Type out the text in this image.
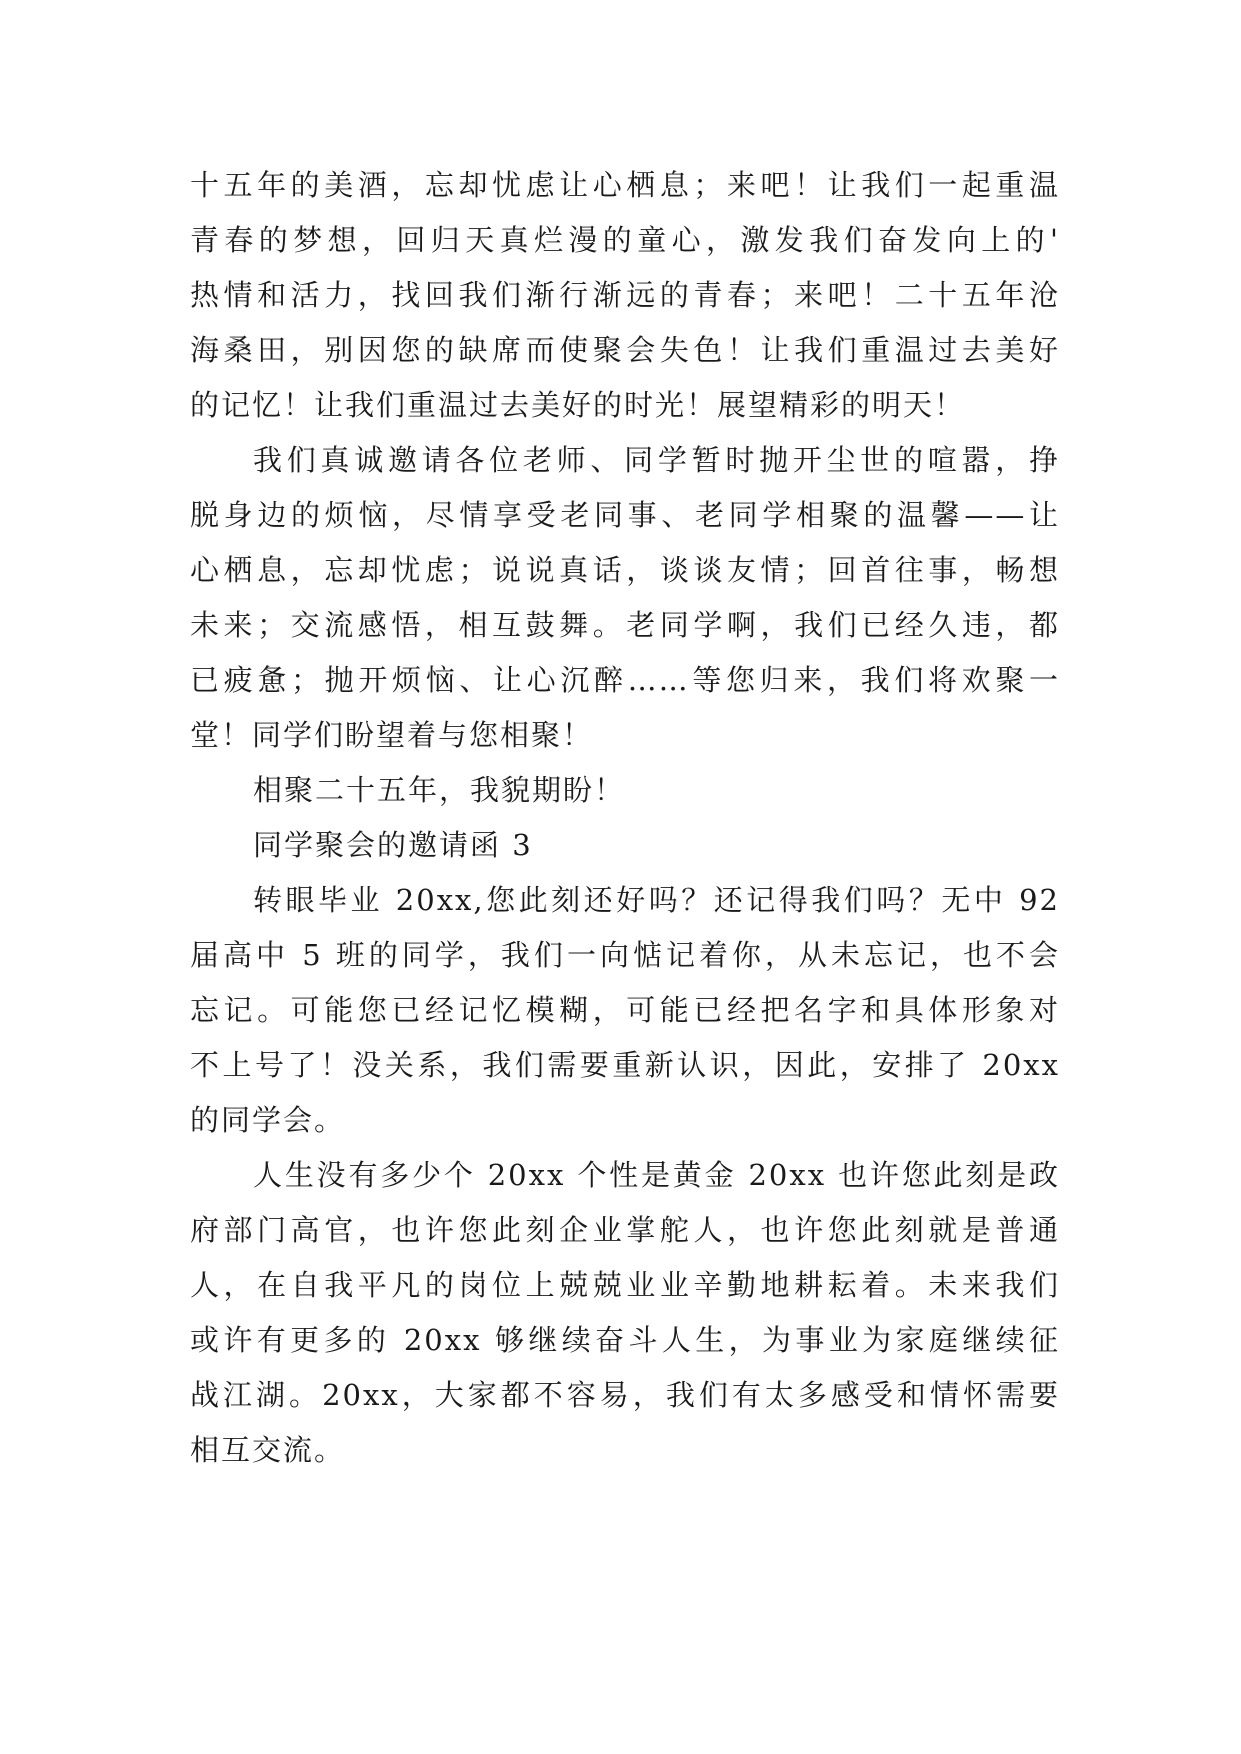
十五年的美酒，忘却忧虑让心栖息；来吧！让我们一起重温
青春的梦想，回归天真烂漫的童心，激发我们奋发向上的'
热情和活力，找回我们渐行渐远的青春；来吧！二十五年沧
海桑田，别因您的缺席而使聚会失色！让我们重温过去美好
的记忆！让我们重温过去美好的时光！展望精彩的明天！
我们真诚邀请各位老师、同学暂时抛开尘世的喧嚣，挣
脱身边的烦恼，尽情享受老同事、老同学相聚的温馨——让
心栖息，忘却忧虑；说说真话，谈谈友情；回首往事，畅想
未来；交流感悟，相互鼓舞。老同学啊，我们已经久违，都
已疲惫；抛开烦恼、让心沉醉……等您归来，我们将欢聚一
堂！同学们盼望着与您相聚！
相聚二十五年，我貌期盼！
同学聚会的邀请函 3
转眼毕业 20xx,您此刻还好吗？还记得我们吗？无中 92
届高中 5 班的同学，我们一向惦记着你，从未忘记，也不会
忘记。可能您已经记忆模糊，可能已经把名字和具体形象对
不上号了！没关系，我们需要重新认识，因此，安排了 20xx
的同学会。
人生没有多少个 20xx 个性是黄金 20xx 也许您此刻是政
府部门高官，也许您此刻企业掌舵人，也许您此刻就是普通
人，在自我平凡的岗位上兢兢业业辛勤地耕耘着。未来我们
或许有更多的 20xx 够继续奋斗人生，为事业为家庭继续征
战江湖。20xx，大家都不容易，我们有太多感受和情怀需要
相互交流。
